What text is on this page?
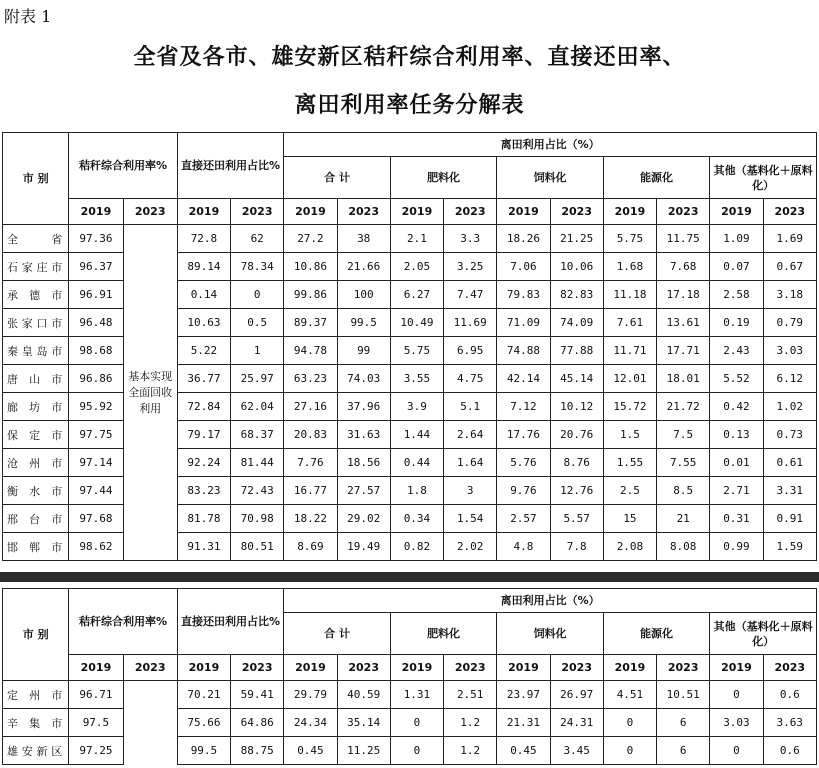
附表 1
全省及各市、雄安新区秸秆综合利用率、直接还田率、
离田利用率任务分解表
市 别	秸秆综合利用率%		直接还田利用占比%		离田利用占比（%）									
					合 计		肥料化		饲料化		能源化		其他（基料化＋原料化）	
	2019	2023	2019	2023	2019	2023	2019	2023	2019	2023	2019	2023	2019	2023
全 省	97.36	基本实现全面回收利用	72.8	62	27.2	38	2.1	3.3	18.26	21.25	5.75	11.75	1.09	1.69
石家庄市	96.37		89.14	78.34	10.86	21.66	2.05	3.25	7.06	10.06	1.68	7.68	0.07	0.67
承德市	96.91		0.14	0	99.86	100	6.27	7.47	79.83	82.83	11.18	17.18	2.58	3.18
张家口市	96.48		10.63	0.5	89.37	99.5	10.49	11.69	71.09	74.09	7.61	13.61	0.19	0.79
秦皇岛市	98.68		5.22	1	94.78	99	5.75	6.95	74.88	77.88	11.71	17.71	2.43	3.03
唐山市	96.86		36.77	25.97	63.23	74.03	3.55	4.75	42.14	45.14	12.01	18.01	5.52	6.12
廊坊市	95.92		72.84	62.04	27.16	37.96	3.9	5.1	7.12	10.12	15.72	21.72	0.42	1.02
保定市	97.75		79.17	68.37	20.83	31.63	1.44	2.64	17.76	20.76	1.5	7.5	0.13	0.73
沧州市	97.14		92.24	81.44	7.76	18.56	0.44	1.64	5.76	8.76	1.55	7.55	0.01	0.61
衡水市	97.44		83.23	72.43	16.77	27.57	1.8	3	9.76	12.76	2.5	8.5	2.71	3.31
邢台市	97.68		81.78	70.98	18.22	29.02	0.34	1.54	2.57	5.57	15	21	0.31	0.91
邯郸市	98.62		91.31	80.51	8.69	19.49	0.82	2.02	4.8	7.8	2.08	8.08	0.99	1.59
市 别	秸秆综合利用率%		直接还田利用占比%		离田利用占比（%）									
					合 计		肥料化		饲料化		能源化		其他（基料化＋原料化）	
	2019	2023	2019	2023	2019	2023	2019	2023	2019	2023	2019	2023	2019	2023
定州市	96.71		70.21	59.41	29.79	40.59	1.31	2.51	23.97	26.97	4.51	10.51	0	0.6
辛集市	97.5		75.66	64.86	24.34	35.14	0	1.2	21.31	24.31	0	6	3.03	3.63
雄安新区	97.25		99.5	88.75	0.45	11.25	0	1.2	0.45	3.45	0	6	0	0.6
